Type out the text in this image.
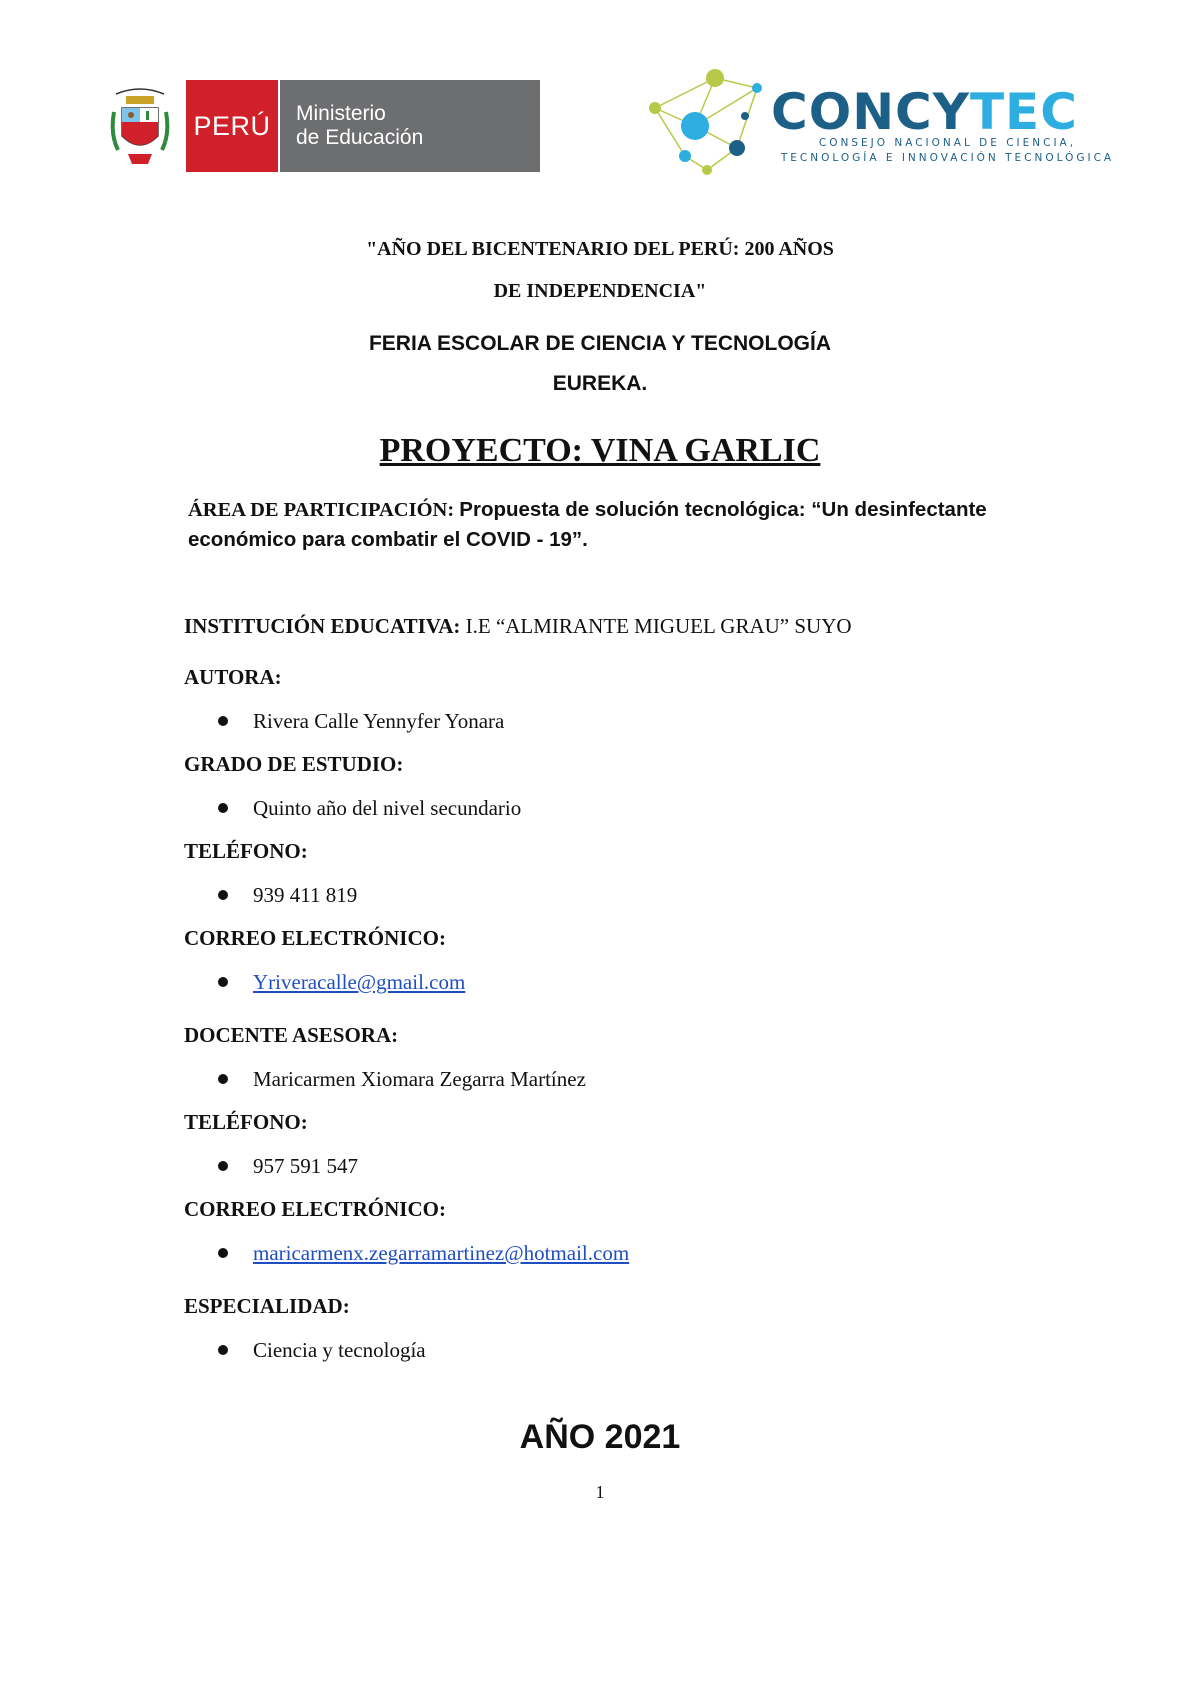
PERÚ Ministerio
de Educación	CONCYTEC
CONSEJO NACIONAL DE CIENCIA,
TECNOLOGÍA E INNOVACIÓN TECNOLÓGICA
"AÑO DEL BICENTENARIO DEL PERÚ: 200 AÑOS
DE INDEPENDENCIA"
FERIA ESCOLAR DE CIENCIA Y TECNOLOGÍA
EUREKA.
PROYECTO: VINA GARLIC
ÁREA DE PARTICIPACIÓN: Propuesta de solución tecnológica: “Un desinfectante económico para combatir el COVID - 19”.
INSTITUCIÓN EDUCATIVA: I.E “ALMIRANTE MIGUEL GRAU” SUYO
AUTORA:
Rivera Calle Yennyfer Yonara
GRADO DE ESTUDIO:
Quinto año del nivel secundario
TELÉFONO:
939 411 819
CORREO ELECTRÓNICO:
Yriveracalle@gmail.com
DOCENTE ASESORA:
Maricarmen Xiomara Zegarra Martínez
TELÉFONO:
957 591 547
CORREO ELECTRÓNICO:
maricarmenx.zegarramartinez@hotmail.com
ESPECIALIDAD:
Ciencia y tecnología
AÑO 2021
1
